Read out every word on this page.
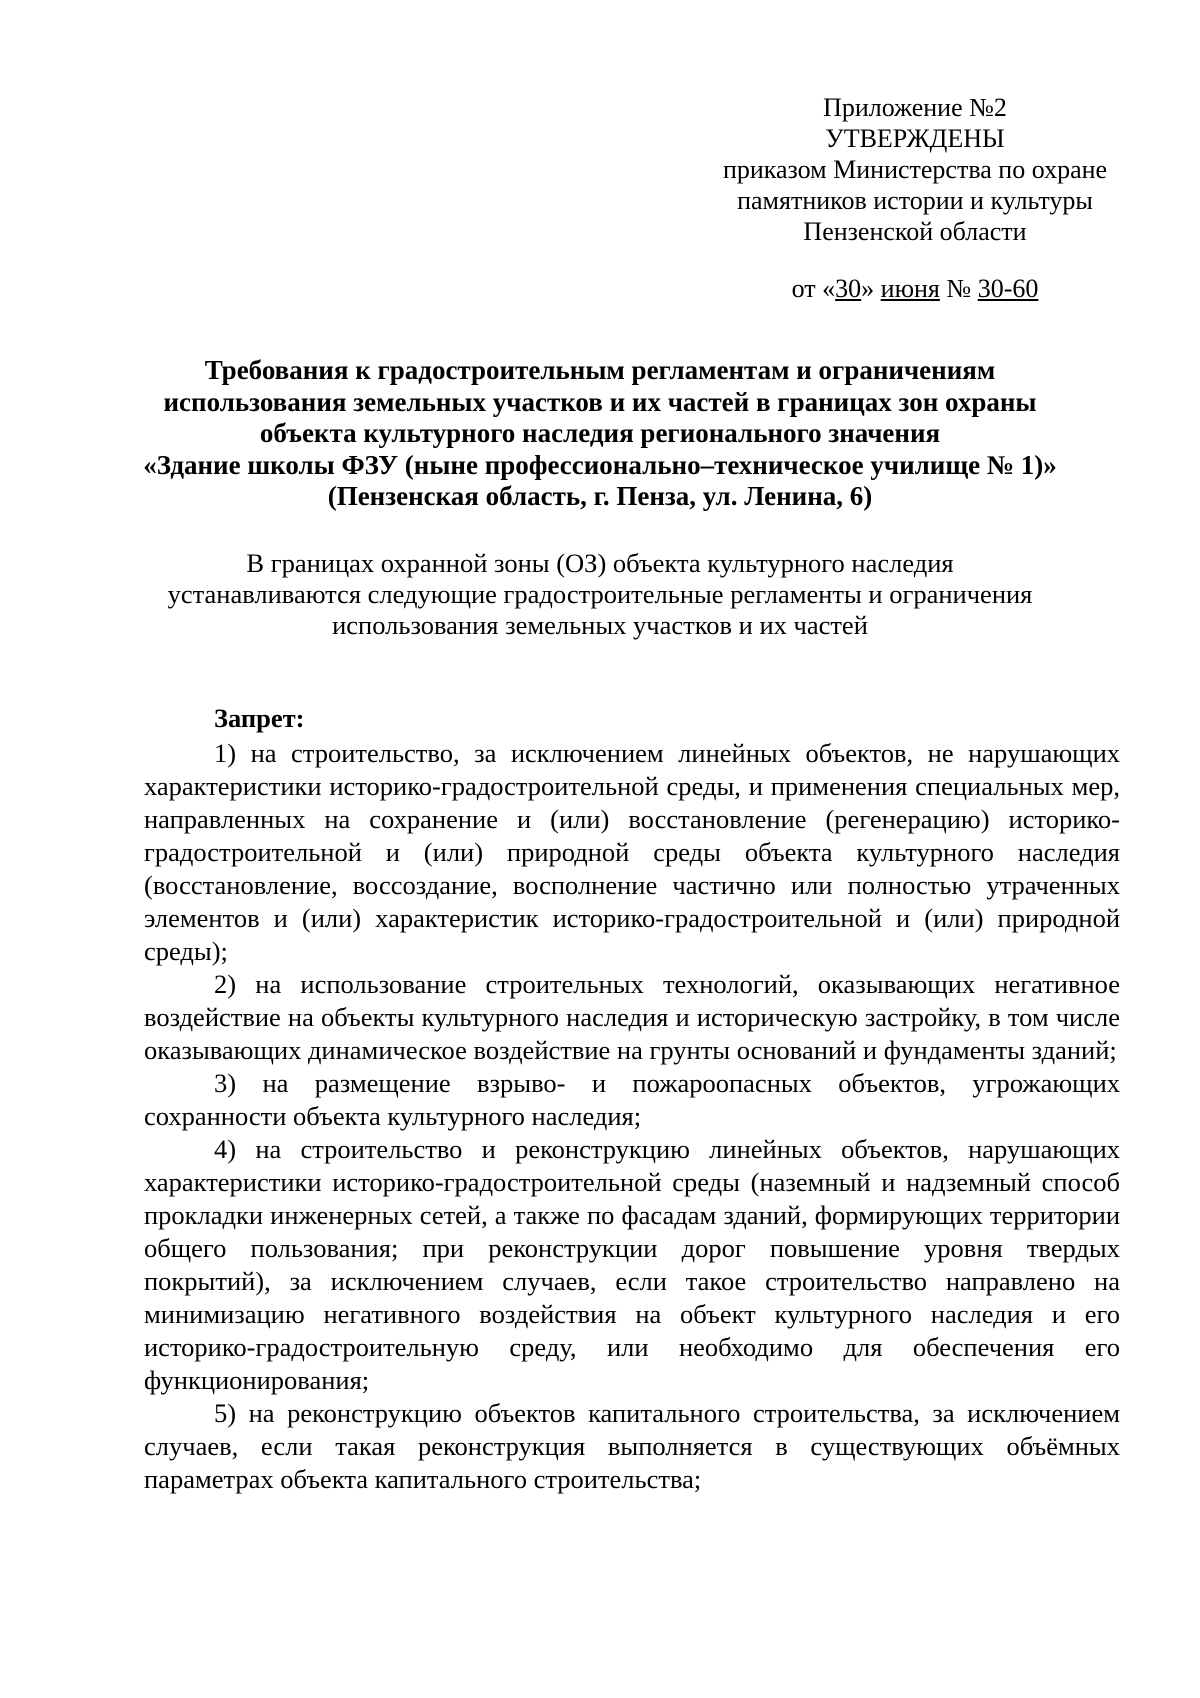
Приложение №2
УТВЕРЖДЕНЫ
приказом Министерства по охране
памятников истории и культуры
Пензенской области
от «30» июня № 30-60
Требования к градостроительным регламентам и ограничениям
использования земельных участков и их частей в границах зон охраны
объекта культурного наследия регионального значения
«Здание школы ФЗУ (ныне профессионально–техническое училище № 1)»
(Пензенская область, г. Пенза, ул. Ленина, 6)
В границах охранной зоны (ОЗ) объекта культурного наследия
устанавливаются следующие градостроительные регламенты и ограничения
использования земельных участков и их частей
Запрет:

1) на строительство, за исключением линейных объектов, не нарушающих характеристики историко-градостроительной среды, и применения специальных мер, направленных на сохранение и (или) восстановление (регенерацию) историко-градостроительной и (или) природной среды объекта культурного наследия (восстановление, воссоздание, восполнение частично или полностью утраченных элементов и (или) характеристик историко-градостроительной и (или) природной среды);

2) на использование строительных технологий, оказывающих негативное воздействие на объекты культурного наследия и историческую застройку, в том числе оказывающих динамическое воздействие на грунты оснований и фундаменты зданий;

3) на размещение взрыво- и пожароопасных объектов, угрожающих сохранности объекта культурного наследия;

4) на строительство и реконструкцию линейных объектов, нарушающих характеристики историко-градостроительной среды (наземный и надземный способ прокладки инженерных сетей, а также по фасадам зданий, формирующих территории общего пользования; при реконструкции дорог повышение уровня твердых покрытий), за исключением случаев, если такое строительство направлено на минимизацию негативного воздействия на объект культурного наследия и его историко-градостроительную среду, или необходимо для обеспечения его функционирования;

5) на реконструкцию объектов капитального строительства, за исключением случаев, если такая реконструкция выполняется в существующих объёмных параметрах объекта капитального строительства;
